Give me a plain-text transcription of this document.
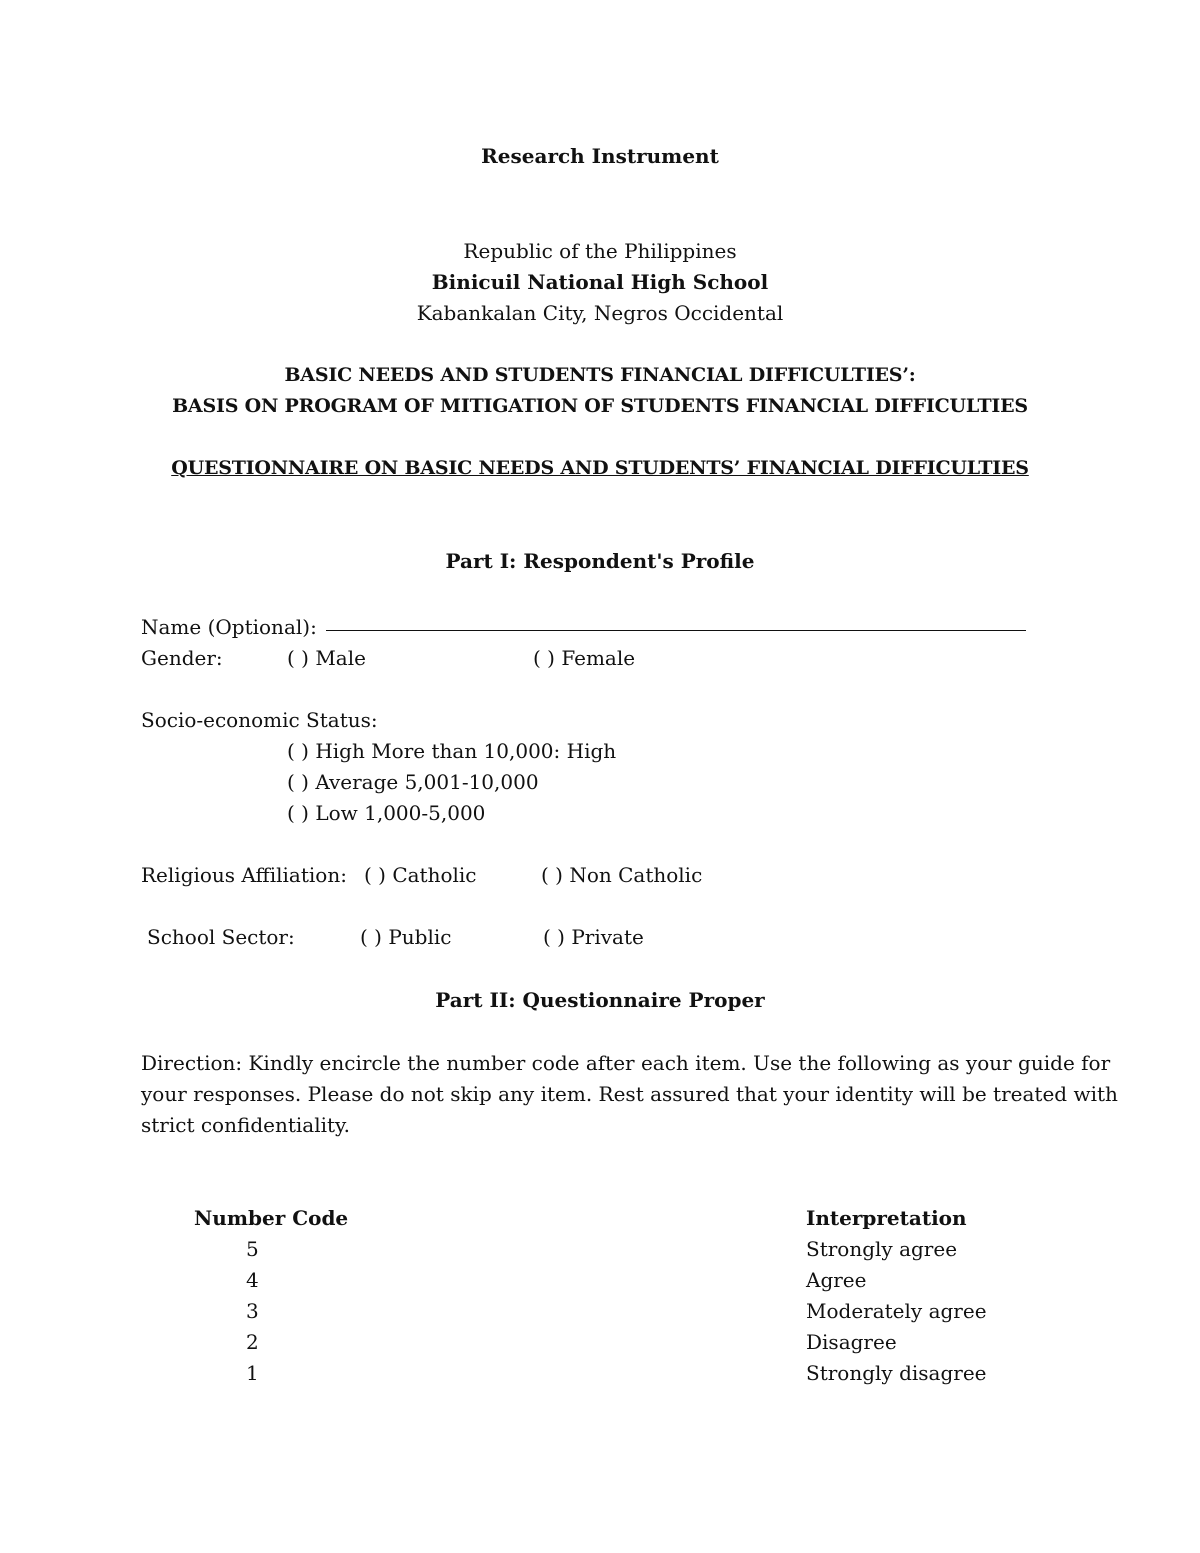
Research Instrument
Republic of the Philippines
Binicuil National High School
Kabankalan City, Negros Occidental
BASIC NEEDS AND STUDENTS FINANCIAL DIFFICULTIES’:
BASIS ON PROGRAM OF MITIGATION OF STUDENTS FINANCIAL DIFFICULTIES
QUESTIONNAIRE ON BASIC NEEDS AND STUDENTS’ FINANCIAL DIFFICULTIES
Part I: Respondent's Profile
Name (Optional):
Gender:	( ) Male	( ) Female
Socio-economic Status:
( ) High More than 10,000: High
( ) Average 5,001-10,000
( ) Low 1,000-5,000
Religious Affiliation: ( ) Catholic	( ) Non Catholic
School Sector:	( ) Public	( ) Private
Part II: Questionnaire Proper
Direction: Kindly encircle the number code after each item. Use the following as your guide for
your responses. Please do not skip any item. Rest assured that your identity will be treated with
strict confidentiality.
Number Code	Interpretation
5	Strongly agree
4	Agree
3	Moderately agree
2	Disagree
1	Strongly disagree
